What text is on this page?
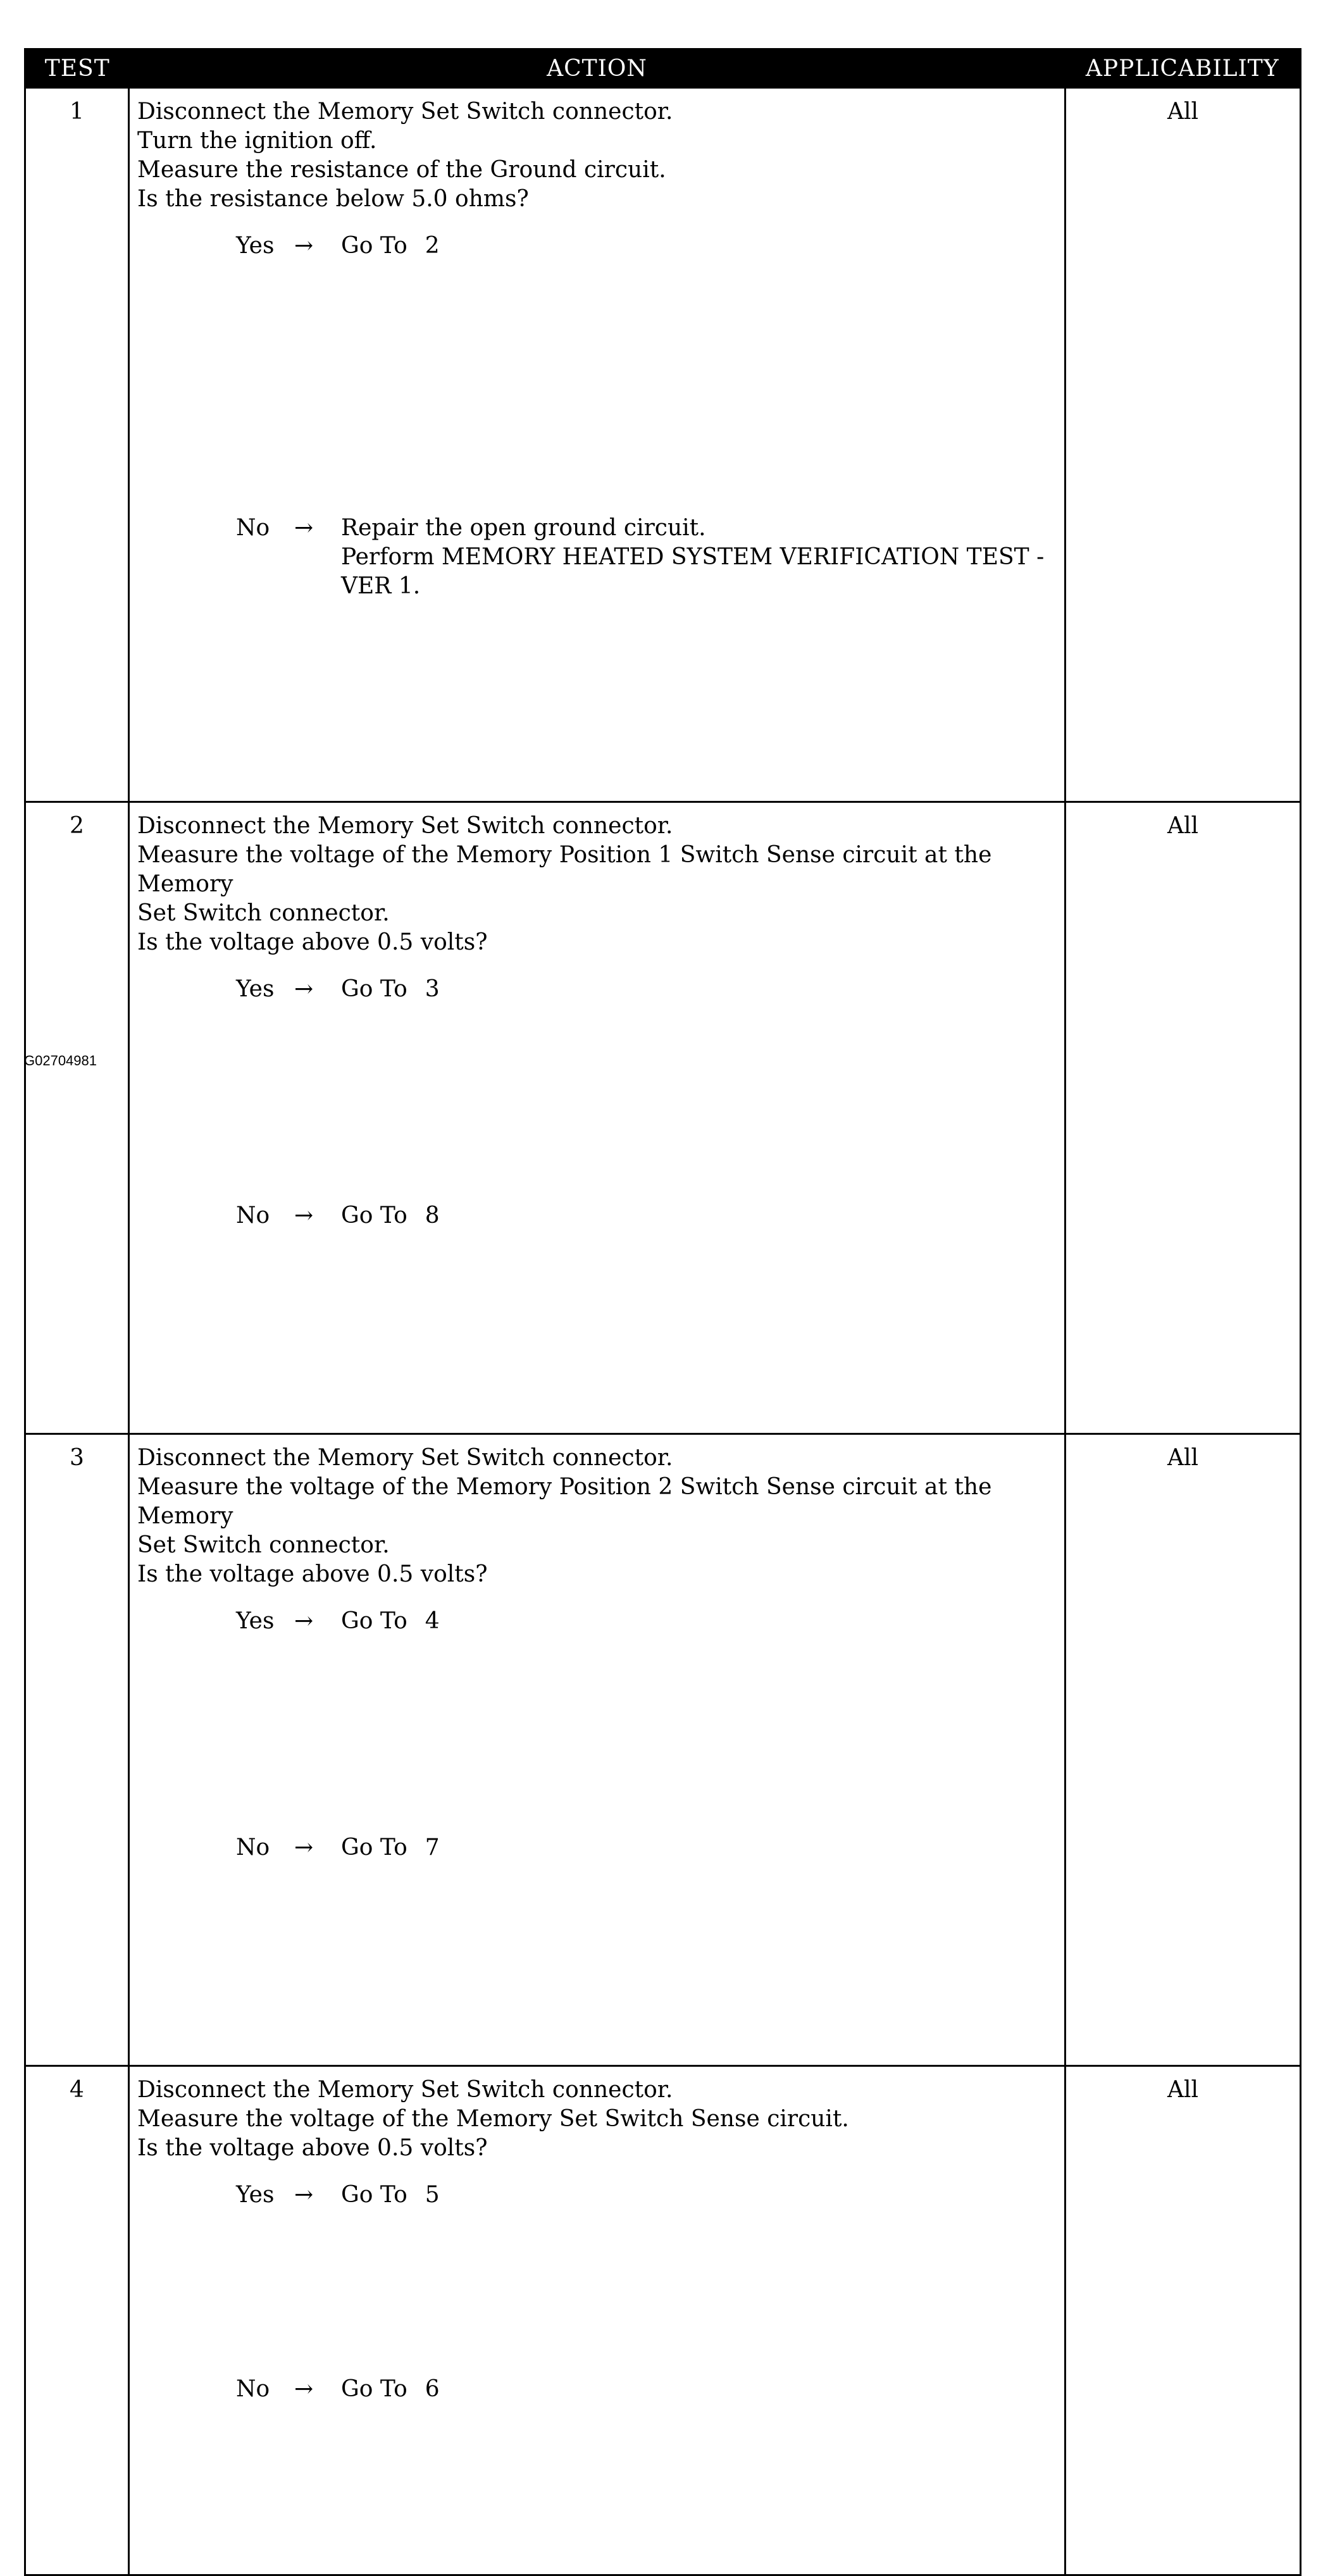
TEST	ACTION	APPLICABILITY
1	Disconnect the Memory Set Switch connector.
Turn the ignition off.
Measure the resistance of the Ground circuit.
Is the resistance below 5.0 ohms?
Yes	→	Go To 2
No	→	Repair the open ground circuit.
Perform MEMORY HEATED SYSTEM VERIFICATION TEST -
VER 1.
	All
2	Disconnect the Memory Set Switch connector.
Measure the voltage of the Memory Position 1 Switch Sense circuit at the Memory
Set Switch connector.
Is the voltage above 0.5 volts?
Yes	→	Go To 3
No	→	Go To 8
	All
3	Disconnect the Memory Set Switch connector.
Measure the voltage of the Memory Position 2 Switch Sense circuit at the Memory
Set Switch connector.
Is the voltage above 0.5 volts?
Yes	→	Go To 4
No	→	Go To 7
	All
4	Disconnect the Memory Set Switch connector.
Measure the voltage of the Memory Set Switch Sense circuit.
Is the voltage above 0.5 volts?
Yes	→	Go To 5
No	→	Go To 6
	All
G02704981
